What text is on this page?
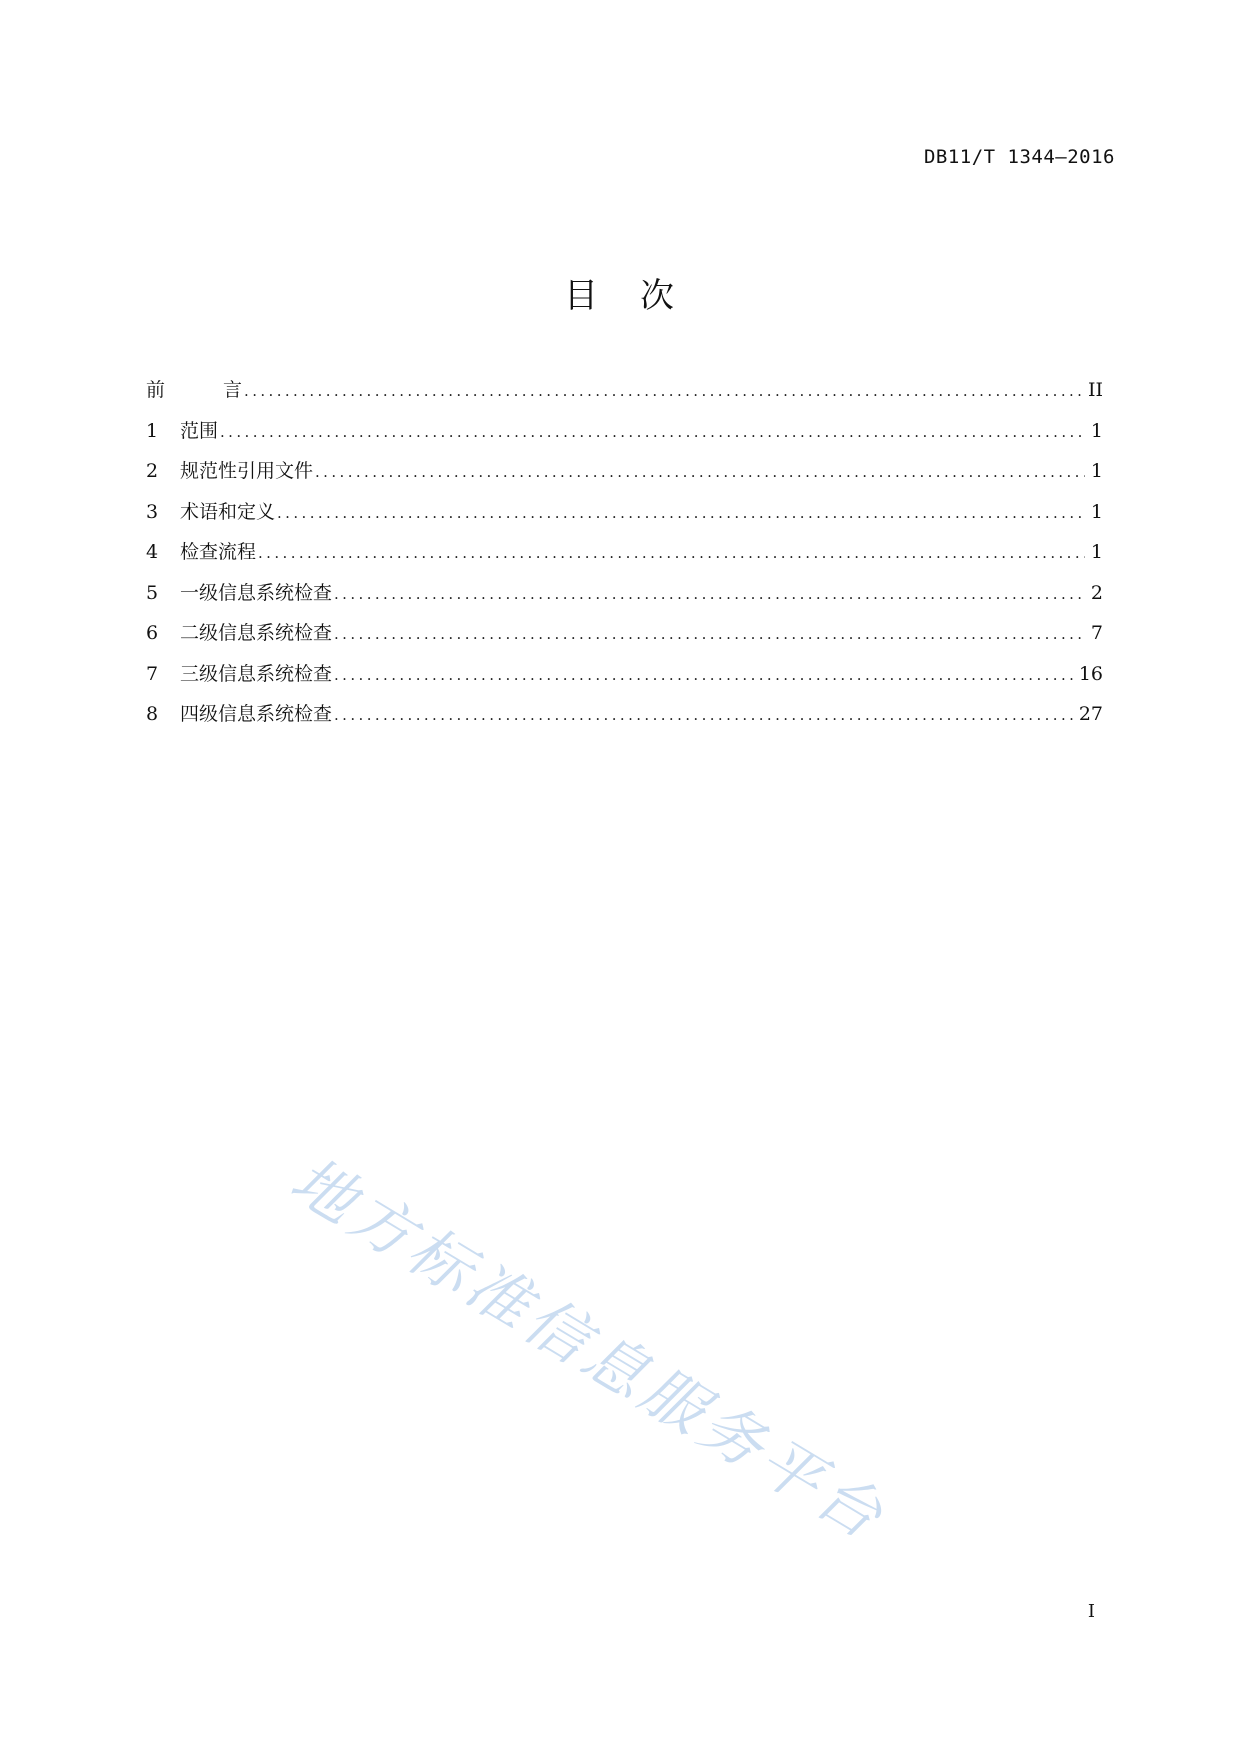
DB11/T 1344—2016
目 次
前	言 .....	II
1	范围 .....	1
2	规范性引用文件 .....	1
3	术语和定义 .....	1
4	检查流程 .....	1
5	一级信息系统检查 .....	2
6	二级信息系统检查 .....	7
7	三级信息系统检查 .....	16
8	四级信息系统检查 .....	27
地方标准信息服务平台
I
